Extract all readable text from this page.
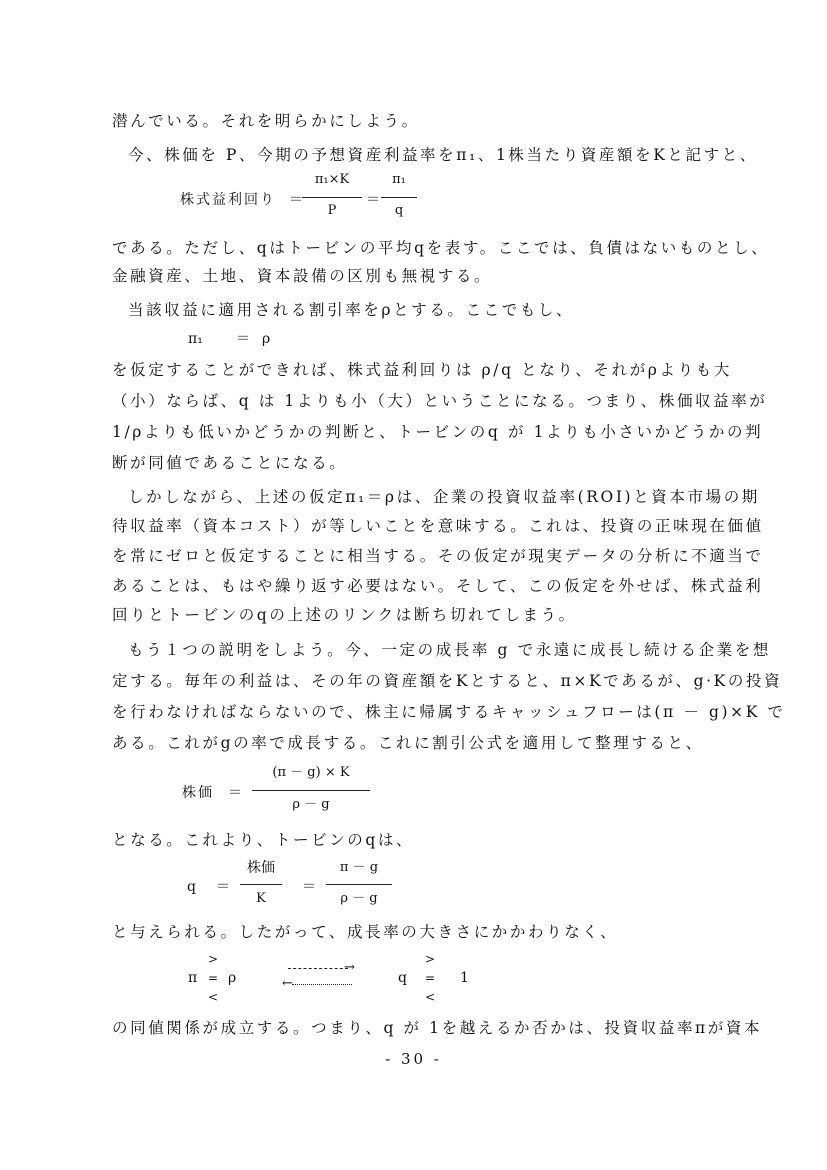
潜んでいる。それを明らかにしよう。
今、株価を P、今期の予想資産利益率をπ₁、1株当たり資産額をKと記すと、
株式益利回り ＝
π₁×K
P
＝
π₁
q
である。ただし、qはトービンの平均qを表す。ここでは、負債はないものとし、
金融資産、土地、資本設備の区別も無視する。
当該収益に適用される割引率をρとする。ここでもし、
π₁ ＝ ρ
を仮定することができれば、株式益利回りは ρ/q となり、それがρよりも大
（小）ならば、q は 1よりも小（大）ということになる。つまり、株価収益率が
1/ρよりも低いかどうかの判断と、トービンのq が 1よりも小さいかどうかの判
断が同値であることになる。
しかしながら、上述の仮定π₁＝ρは、企業の投資収益率(ROI)と資本市場の期
待収益率（資本コスト）が等しいことを意味する。これは、投資の正味現在価値
を常にゼロと仮定することに相当する。その仮定が現実データの分析に不適当で
あることは、もはや繰り返す必要はない。そして、この仮定を外せば、株式益利
回りとトービンのqの上述のリンクは断ち切れてしまう。
もう１つの説明をしよう。今、一定の成長率 g で永遠に成長し続ける企業を想
定する。毎年の利益は、その年の資産額をKとすると、π×Kであるが、g·Kの投資
を行わなければならないので、株主に帰属するキャッシュフローは(π － g)×K で
ある。これがgの率で成長する。これに割引公式を適用して整理すると、
株価 ＝
(π － g) × K
ρ － g
となる。これより、トービンのqは、
q ＝
株価
K
＝
π － g
ρ － g
と与えられる。したがって、成長率の大きさにかかわりなく、
>
π =
<
ρ
→
←	q
>
=
<
1
の同値関係が成立する。つまり、q が 1を越えるか否かは、投資収益率πが資本
- 30 -
